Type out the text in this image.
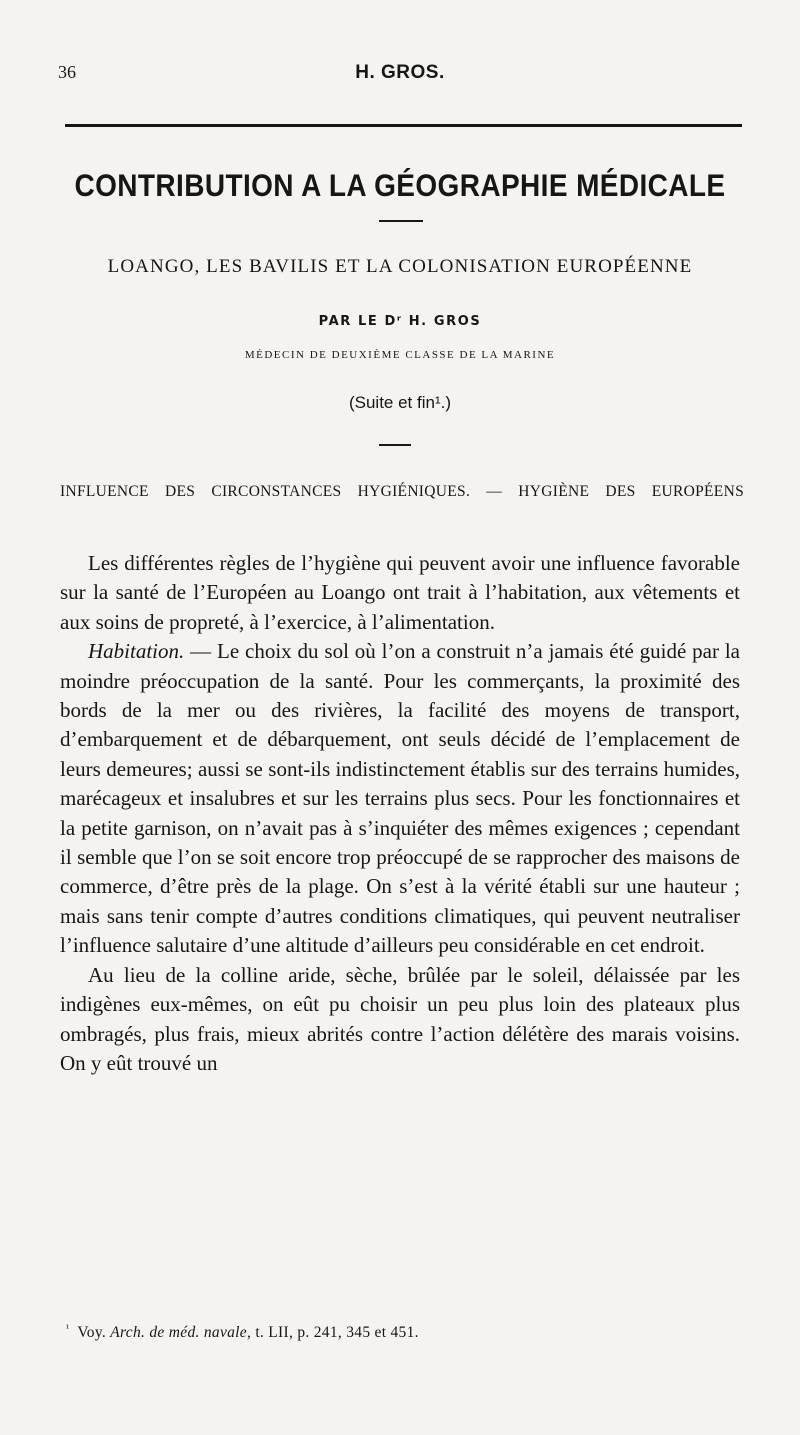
36	H. GROS.
CONTRIBUTION A LA GÉOGRAPHIE MÉDICALE
LOANGO, LES BAVILIS ET LA COLONISATION EUROPÉENNE
PAR LE Dʳ H. GROS
MÉDECIN DE DEUXIÈME CLASSE DE LA MARINE
(Suite et fin¹.)
INFLUENCE DES CIRCONSTANCES HYGIÉNIQUES. — HYGIÈNE DES EUROPÉENS

Les différentes règles de l’hygiène qui peuvent avoir une influence favorable sur la santé de l’Européen au Loango ont trait à l’habitation, aux vêtements et aux soins de propreté, à l’exercice, à l’alimentation.

Habitation. — Le choix du sol où l’on a construit n’a jamais été guidé par la moindre préoccupation de la santé. Pour les commerçants, la proximité des bords de la mer ou des rivières, la facilité des moyens de transport, d’embarquement et de débarquement, ont seuls décidé de l’emplacement de leurs demeures; aussi se sont-ils indistinctement établis sur des terrains humides, marécageux et insalubres et sur les terrains plus secs. Pour les fonctionnaires et la petite garnison, on n’avait pas à s’inquiéter des mêmes exigences ; cependant il semble que l’on se soit encore trop préoccupé de se rapprocher des maisons de commerce, d’être près de la plage. On s’est à la vérité établi sur une hauteur ; mais sans tenir compte d’autres conditions climatiques, qui peuvent neutraliser l’influence salutaire d’une altitude d’ailleurs peu considérable en cet endroit.

Au lieu de la colline aride, sèche, brûlée par le soleil, délaissée par les indigènes eux-mêmes, on eût pu choisir un peu plus loin des plateaux plus ombragés, plus frais, mieux abrités contre l’action délétère des marais voisins. On y eût trouvé un

$^{^1}$ Voy. Arch. de méd. navale, t. LII, p. 241, 345 et 451.
